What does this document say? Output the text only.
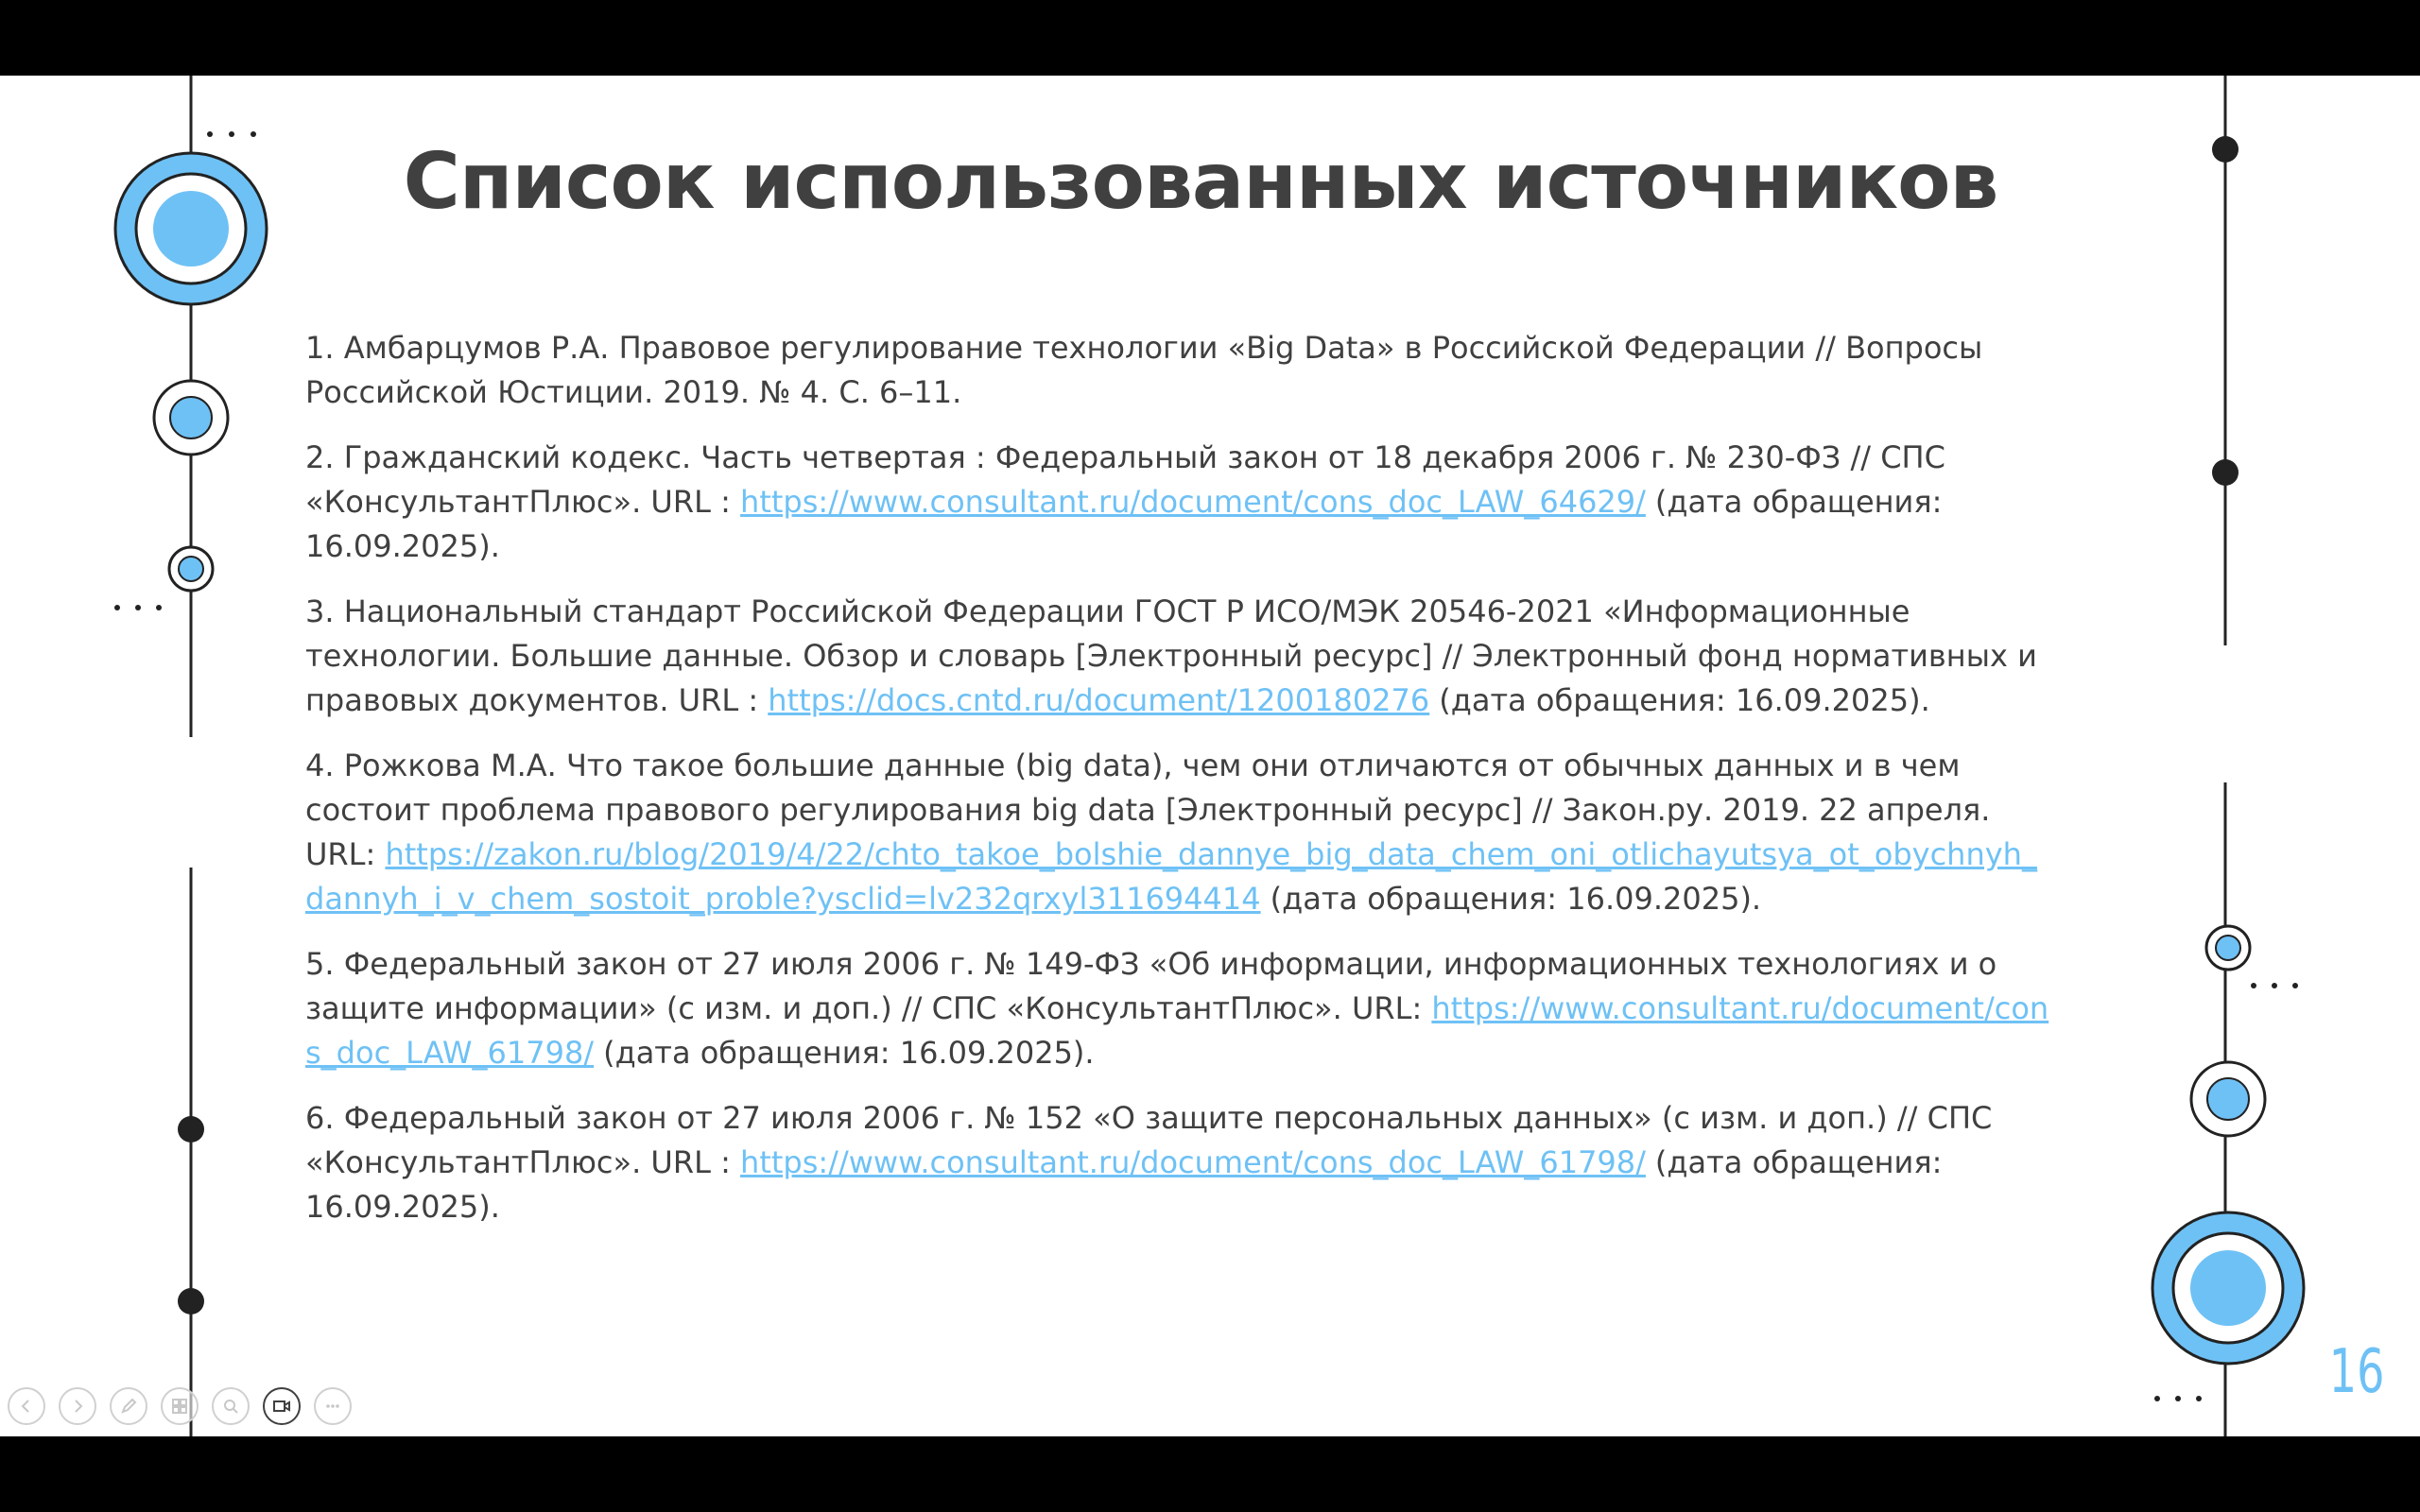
Список использованных источников
1. Амбарцумов Р.А. Правовое регулирование технологии «Big Data» в Российской Федерации // Вопросы Российской Юстиции. 2019. № 4. С. 6–11.
2. Гражданский кодекс. Часть четвертая : Федеральный закон от 18 декабря 2006 г. № 230-ФЗ // СПС «КонсультантПлюс». URL : https://www.consultant.ru/document/cons_doc_LAW_64629/ (дата обращения: 16.09.2025).
3. Национальный стандарт Российской Федерации ГОСТ Р ИСО/МЭК 20546-2021 «Информационные технологии. Большие данные. Обзор и словарь [Электронный ресурс] // Электронный фонд нормативных и правовых документов. URL : https://docs.cntd.ru/document/1200180276 (дата обращения: 16.09.2025).
4. Рожкова М.А. Что такое большие данные (big data), чем они отличаются от обычных данных и в чем состоит проблема правового регулирования big data [Электронный ресурс] // Закон.ру. 2019. 22 апреля. URL: https://zakon.ru/blog/2019/4/22/chto_takoe_bolshie_dannye_big_data_chem_oni_otlichayutsya_ot_obychnyh_dannyh_i_v_chem_sostoit_proble?ysclid=lv232qrxyl311694414 (дата обращения: 16.09.2025).
5. Федеральный закон от 27 июля 2006 г. № 149-ФЗ «Об информации, информационных технологиях и о защите информации» (с изм. и доп.) // СПС «КонсультантПлюс». URL: https://www.consultant.ru/document/cons_doc_LAW_61798/ (дата обращения: 16.09.2025).
6. Федеральный закон от 27 июля 2006 г. № 152 «О защите персональных данных» (с изм. и доп.) // СПС «КонсультантПлюс». URL : https://www.consultant.ru/document/cons_doc_LAW_61798/ (дата обращения: 16.09.2025).
16
